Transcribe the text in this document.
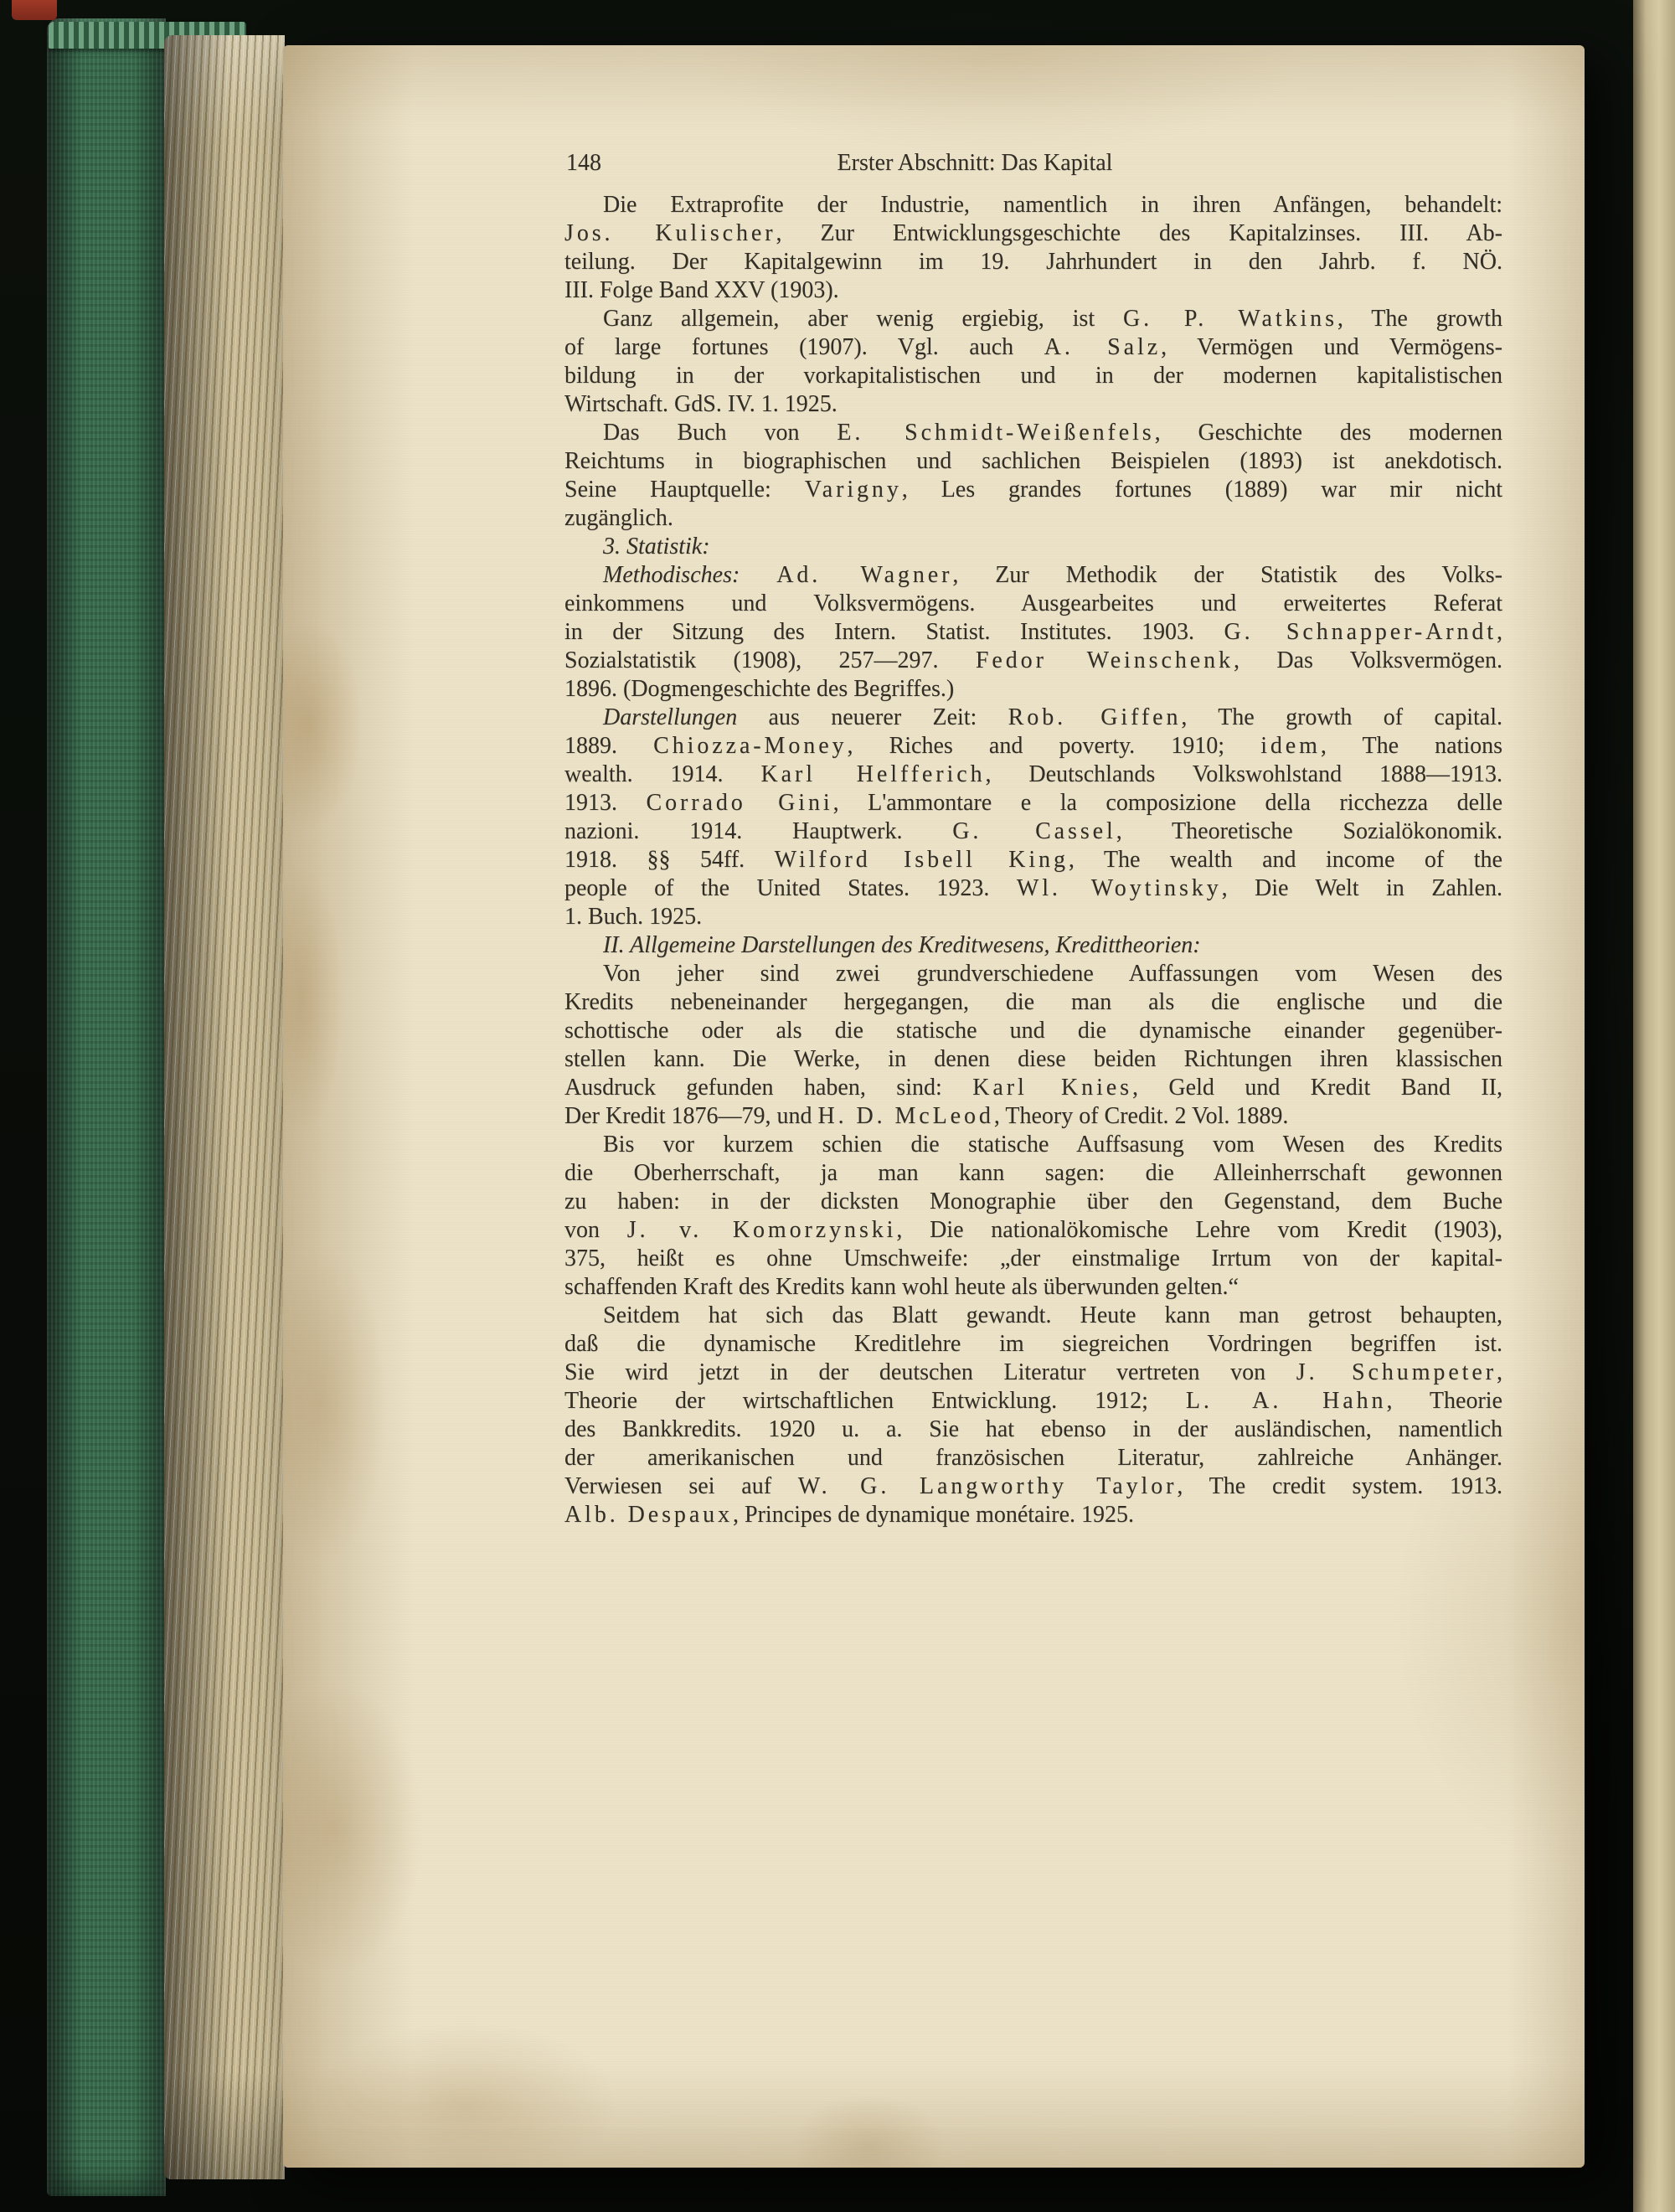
148	Erster Abschnitt: Das Kapital
Die Extraprofite der Industrie, namentlich in ihren Anfängen, behandelt:
Jos. Kulischer, Zur Entwicklungsgeschichte des Kapitalzinses. III. Ab-
teilung. Der Kapitalgewinn im 19. Jahrhundert in den Jahrb. f. NÖ.
III. Folge Band XXV (1903).
Ganz allgemein, aber wenig ergiebig, ist G. P. Watkins, The growth
of large fortunes (1907). Vgl. auch A. Salz, Vermögen und Vermögens-
bildung in der vorkapitalistischen und in der modernen kapitalistischen
Wirtschaft. GdS. IV. 1. 1925.
Das Buch von E. Schmidt-Weißenfels, Geschichte des modernen
Reichtums in biographischen und sachlichen Beispielen (1893) ist anekdotisch.
Seine Hauptquelle: Varigny, Les grandes fortunes (1889) war mir nicht
zugänglich.
3. Statistik:
Methodisches: Ad. Wagner, Zur Methodik der Statistik des Volks-
einkommens und Volksvermögens. Ausgearbeites und erweitertes Referat
in der Sitzung des Intern. Statist. Institutes. 1903. G. Schnapper-Arndt,
Sozialstatistik (1908), 257—297. Fedor Weinschenk, Das Volksvermögen.
1896. (Dogmengeschichte des Begriffes.)
Darstellungen aus neuerer Zeit: Rob. Giffen, The growth of capital.
1889. Chiozza-Money, Riches and poverty. 1910; idem, The nations
wealth. 1914. Karl Helfferich, Deutschlands Volkswohlstand 1888—1913.
1913. Corrado Gini, L'ammontare e la composizione della ricchezza delle
nazioni. 1914. Hauptwerk. G. Cassel, Theoretische Sozialökonomik.
1918. §§ 54ff. Wilford Isbell King, The wealth and income of the
people of the United States. 1923. Wl. Woytinsky, Die Welt in Zahlen.
1. Buch. 1925.
II. Allgemeine Darstellungen des Kreditwesens, Kredittheorien:
Von jeher sind zwei grundverschiedene Auffassungen vom Wesen des
Kredits nebeneinander hergegangen, die man als die englische und die
schottische oder als die statische und die dynamische einander gegenüber-
stellen kann. Die Werke, in denen diese beiden Richtungen ihren klassischen
Ausdruck gefunden haben, sind: Karl Knies, Geld und Kredit Band II,
Der Kredit 1876—79, und H. D. McLeod, Theory of Credit. 2 Vol. 1889.
Bis vor kurzem schien die statische Auffsasung vom Wesen des Kredits
die Oberherrschaft, ja man kann sagen: die Alleinherrschaft gewonnen
zu haben: in der dicksten Monographie über den Gegenstand, dem Buche
von J. v. Komorzynski, Die nationalökomische Lehre vom Kredit (1903),
375, heißt es ohne Umschweife: „der einstmalige Irrtum von der kapital-
schaffenden Kraft des Kredits kann wohl heute als überwunden gelten.“
Seitdem hat sich das Blatt gewandt. Heute kann man getrost behaupten,
daß die dynamische Kreditlehre im siegreichen Vordringen begriffen ist.
Sie wird jetzt in der deutschen Literatur vertreten von J. Schumpeter,
Theorie der wirtschaftlichen Entwicklung. 1912; L. A. Hahn, Theorie
des Bankkredits. 1920 u. a. Sie hat ebenso in der ausländischen, namentlich
der amerikanischen und französischen Literatur, zahlreiche Anhänger.
Verwiesen sei auf W. G. Langworthy Taylor, The credit system. 1913.
Alb. Despaux, Principes de dynamique monétaire. 1925.
